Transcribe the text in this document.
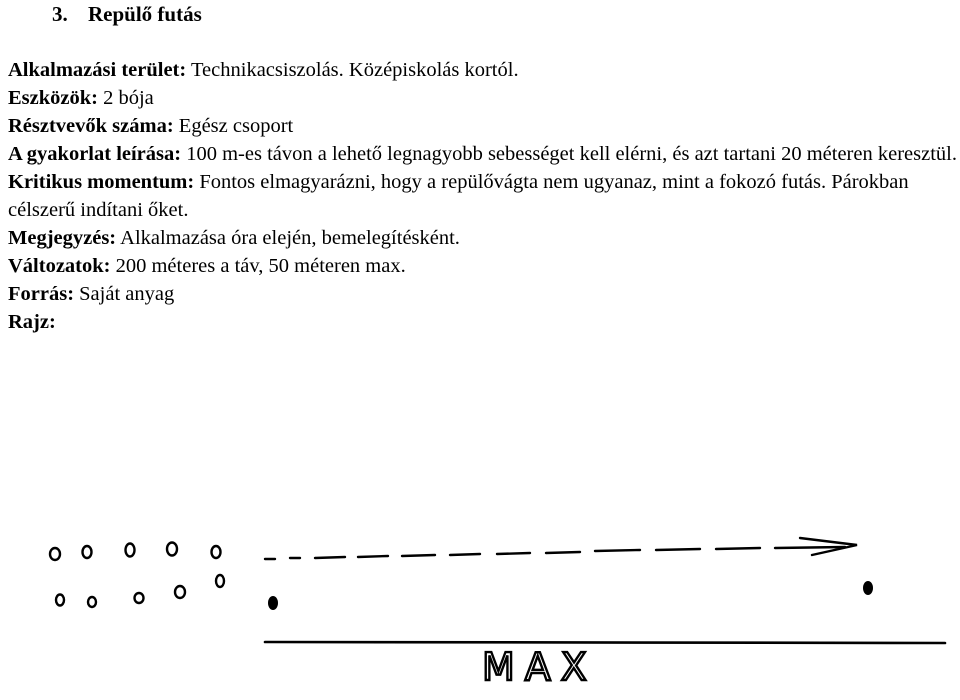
3. Repülő futás
Alkalmazási terület: Technikacsiszolás. Középiskolás kortól.
Eszközök: 2 bója
Résztvevők száma: Egész csoport
A gyakorlat leírása: 100 m-es távon a lehető legnagyobb sebességet kell elérni, és azt tartani 20 méteren keresztül.
Kritikus momentum: Fontos elmagyarázni, hogy a repülővágta nem ugyanaz, mint a fokozó futás. Párokban célszerű indítani őket.
Megjegyzés: Alkalmazása óra elején, bemelegítésként.
Változatok: 200 méteres a táv, 50 méteren max.
Forrás: Saját anyag
Rajz:
MAX
